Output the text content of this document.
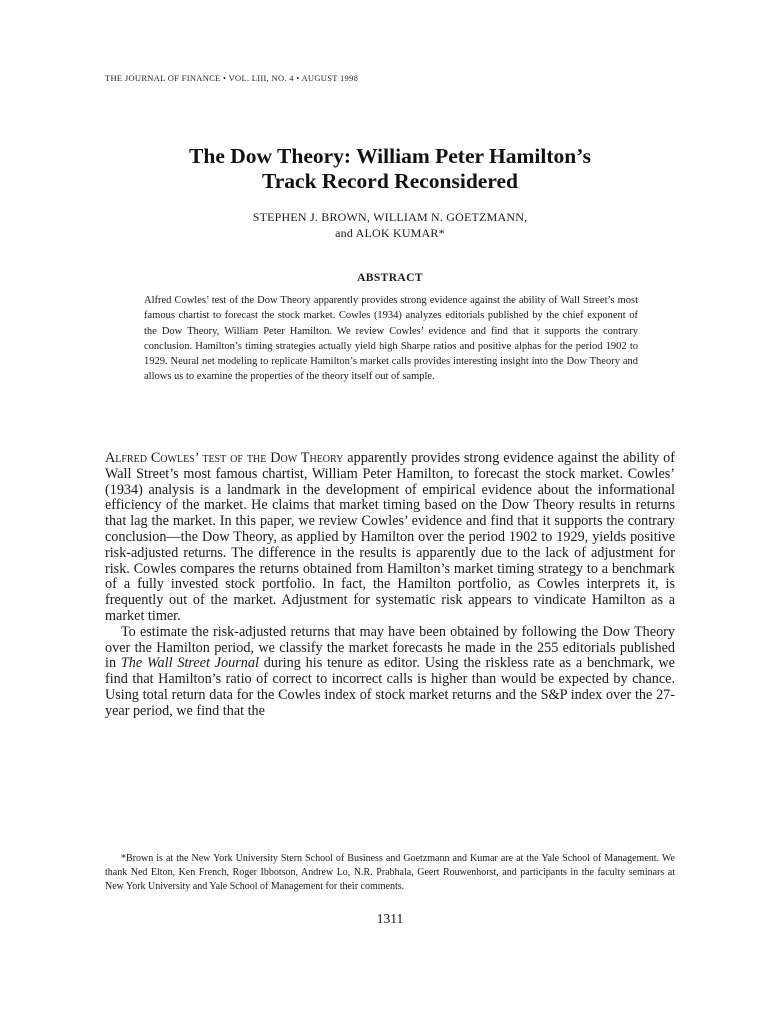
THE JOURNAL OF FINANCE • VOL. LIII, NO. 4 • AUGUST 1998
The Dow Theory: William Peter Hamilton’s
Track Record Reconsidered
STEPHEN J. BROWN, WILLIAM N. GOETZMANN,
and ALOK KUMAR*
ABSTRACT
Alfred Cowles’ test of the Dow Theory apparently provides strong evidence against the ability of Wall Street’s most famous chartist to forecast the stock market. Cowles (1934) analyzes editorials published by the chief exponent of the Dow Theory, William Peter Hamilton. We review Cowles’ evidence and find that it supports the contrary conclusion. Hamilton’s timing strategies actually yield high Sharpe ratios and positive alphas for the period 1902 to 1929. Neural net modeling to replicate Hamilton’s market calls provides interesting insight into the Dow Theory and allows us to examine the properties of the theory itself out of sample.

Alfred Cowles’ test of the Dow Theory apparently provides strong evidence against the ability of Wall Street’s most famous chartist, William Peter Hamilton, to forecast the stock market. Cowles’ (1934) analysis is a landmark in the development of empirical evidence about the informational efficiency of the market. He claims that market timing based on the Dow Theory results in returns that lag the market. In this paper, we review Cowles’ evidence and find that it supports the contrary conclusion—the Dow Theory, as applied by Hamilton over the period 1902 to 1929, yields positive risk-adjusted returns. The difference in the results is apparently due to the lack of adjustment for risk. Cowles compares the returns obtained from Hamilton’s market timing strategy to a benchmark of a fully invested stock portfolio. In fact, the Hamilton portfolio, as Cowles interprets it, is frequently out of the market. Adjustment for systematic risk appears to vindicate Hamilton as a market timer.

To estimate the risk-adjusted returns that may have been obtained by following the Dow Theory over the Hamilton period, we classify the market forecasts he made in the 255 editorials published in The Wall Street Journal during his tenure as editor. Using the riskless rate as a benchmark, we find that Hamilton’s ratio of correct to incorrect calls is higher than would be expected by chance. Using total return data for the Cowles index of stock market returns and the S&P index over the 27-year period, we find that the

*Brown is at the New York University Stern School of Business and Goetzmann and Kumar are at the Yale School of Management. We thank Ned Elton, Ken French, Roger Ibbotson, Andrew Lo, N.R. Prabhala, Geert Rouwenhorst, and participants in the faculty seminars at New York University and Yale School of Management for their comments.

1311
